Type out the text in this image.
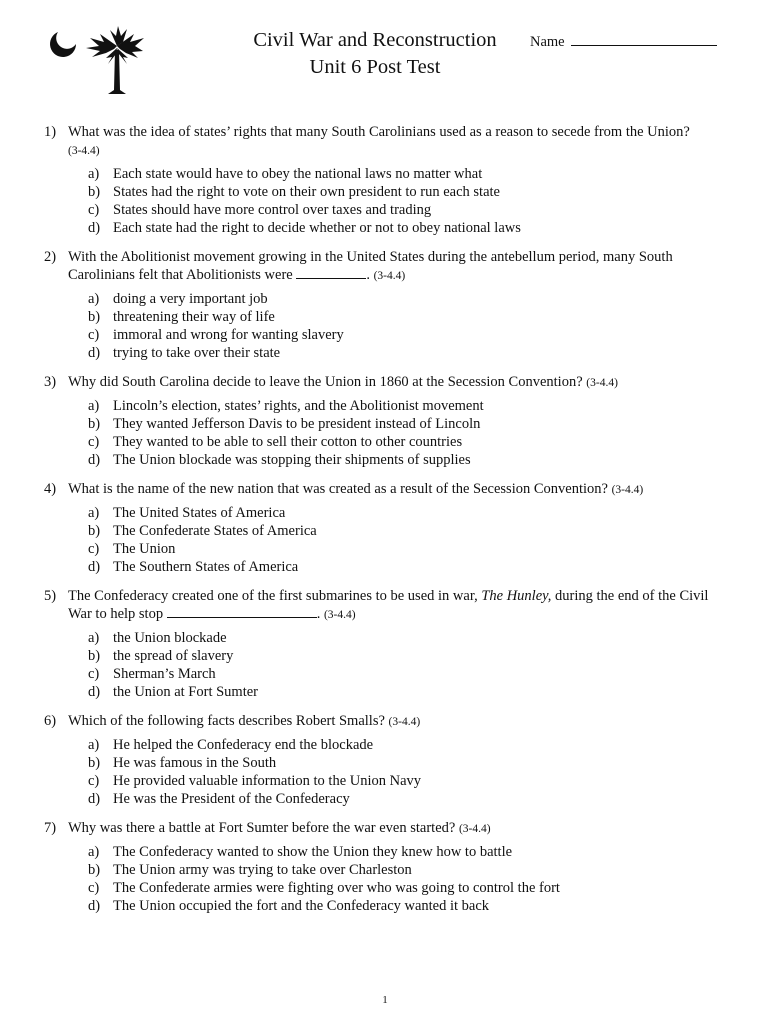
Civil War and Reconstruction
Unit 6 Post Test
Name
1) What was the idea of states’ rights that many South Carolinians used as a reason to secede from the Union?
(3-4.4)
a) Each state would have to obey the national laws no matter what
b) States had the right to vote on their own president to run each state
c) States should have more control over taxes and trading
d) Each state had the right to decide whether or not to obey national laws
2) With the Abolitionist movement growing in the United States during the antebellum period, many South Carolinians felt that Abolitionists were	. (3-4.4)
a) doing a very important job
b) threatening their way of life
c) immoral and wrong for wanting slavery
d) trying to take over their state
3) Why did South Carolina decide to leave the Union in 1860 at the Secession Convention? (3-4.4)
a) Lincoln’s election, states’ rights, and the Abolitionist movement
b) They wanted Jefferson Davis to be president instead of Lincoln
c) They wanted to be able to sell their cotton to other countries
d) The Union blockade was stopping their shipments of supplies
4) What is the name of the new nation that was created as a result of the Secession Convention? (3-4.4)
a) The United States of America
b) The Confederate States of America
c) The Union
d) The Southern States of America
5) The Confederacy created one of the first submarines to be used in war, The Hunley, during the end of the Civil War to help stop	. (3-4.4)
a) the Union blockade
b) the spread of slavery
c) Sherman’s March
d) the Union at Fort Sumter
6) Which of the following facts describes Robert Smalls? (3-4.4)
a) He helped the Confederacy end the blockade
b) He was famous in the South
c) He provided valuable information to the Union Navy
d) He was the President of the Confederacy
7) Why was there a battle at Fort Sumter before the war even started? (3-4.4)
a) The Confederacy wanted to show the Union they knew how to battle
b) The Union army was trying to take over Charleston
c) The Confederate armies were fighting over who was going to control the fort
d) The Union occupied the fort and the Confederacy wanted it back
1
